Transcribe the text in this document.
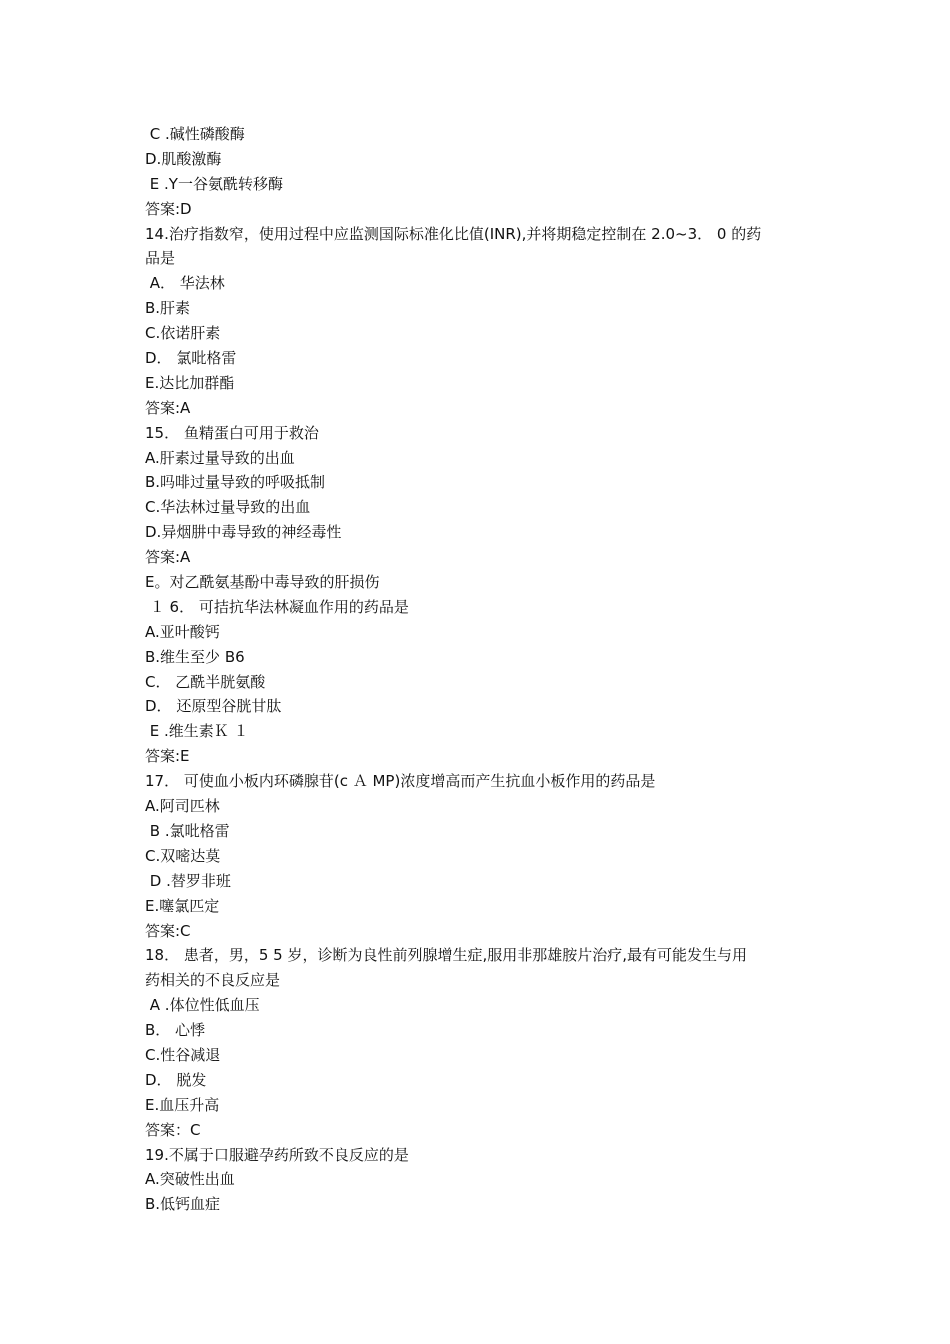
C .碱性磷酸酶
D.肌酸激酶
E .Y一谷氨酰转移酶
答案:D
14.治疗指数窄，使用过程中应监测国际标准化比值(INR),并将期稳定控制在 2.0~3． 0 的药
品是
A． 华法林
B.肝素
C.依诺肝素
D． 氯吡格雷
E.达比加群酯
答案:A
15． 鱼精蛋白可用于救治
A.肝素过量导致的出血
B.吗啡过量导致的呼吸抵制
C.华法林过量导致的出血
D.异烟肼中毒导致的神经毒性
答案:A
E。对乙酰氨基酚中毒导致的肝损伤
１ 6． 可拮抗华法林凝血作用的药品是
A.亚叶酸钙
B.维生至少 B6
C． 乙酰半胱氨酸
D． 还原型谷胱甘肽
E .维生素Ｋ １
答案:E
17． 可使血小板内环磷腺苷(c Ａ MP)浓度增高而产生抗血小板作用的药品是
A.阿司匹林
B .氯吡格雷
C.双嘧达莫
D .替罗非班
E.噻氯匹定
答案:C
18． 患者，男，5 5 岁，诊断为良性前列腺增生症,服用非那雄胺片治疗,最有可能发生与用
药相关的不良反应是
A .体位性低血压
B． 心悸
C.性谷减退
D． 脱发
E.血压升高
答案：C
19.不属于口服避孕药所致不良反应的是
A.突破性出血
B.低钙血症
